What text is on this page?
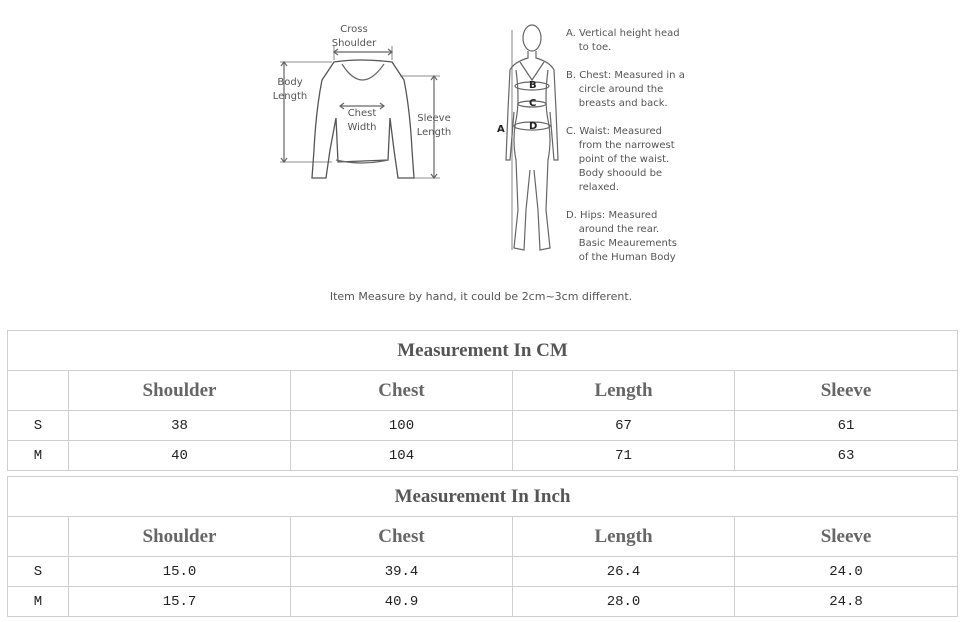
Cross
Shoulder
Body
Length
Chest
Width
Sleeve
Length	A
B
C
D
A. Vertical height head
to toe.
B. Chest: Measured in a
circle around the
breasts and back.
C. Waist: Measured
from the narrowest
point of the waist.
Body shoould be
relaxed.
D. Hips: Measured
around the rear.
Basic Meaurements
of the Human Body
Item Measure by hand, it could be 2cm~3cm different.
Measurement In CM				
	Shoulder	Chest	Length	Sleeve
S	38	100	67	61
M	40	104	71	63
Measurement In Inch				
	Shoulder	Chest	Length	Sleeve
S	15.0	39.4	26.4	24.0
M	15.7	40.9	28.0	24.8
